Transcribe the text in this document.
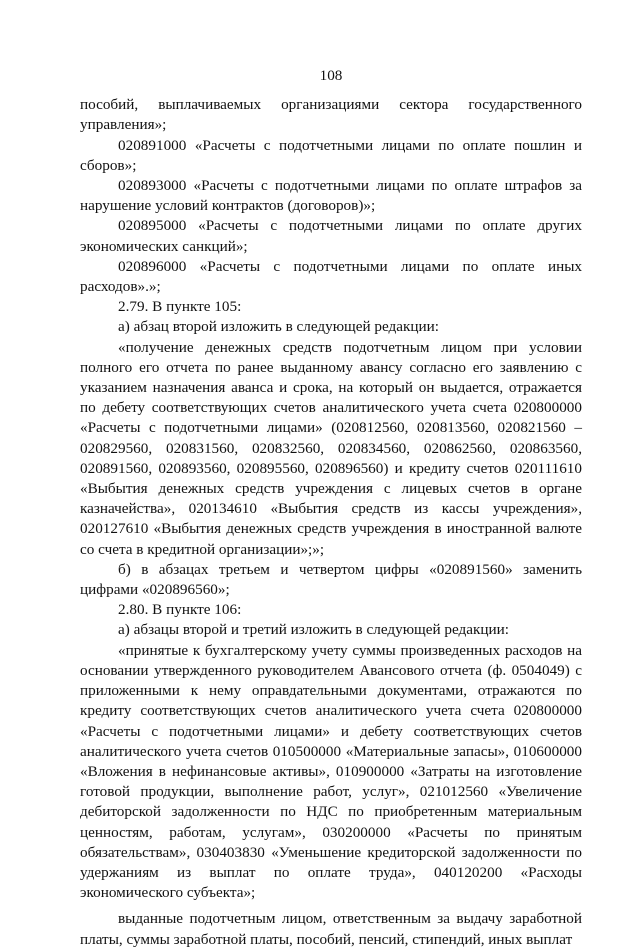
108

пособий, выплачиваемых организациями сектора государственного управления»;

020891000 «Расчеты с подотчетными лицами по оплате пошлин и сборов»;

020893000 «Расчеты с подотчетными лицами по оплате штрафов за нарушение условий контрактов (договоров)»;

020895000 «Расчеты с подотчетными лицами по оплате других экономических санкций»;

020896000 «Расчеты с подотчетными лицами по оплате иных расходов».»;

2.79. В пункте 105:

а) абзац второй изложить в следующей редакции:

«получение денежных средств подотчетным лицом при условии полного его отчета по ранее выданному авансу согласно его заявлению с указанием назначения аванса и срока, на который он выдается, отражается по дебету соответствующих счетов аналитического учета счета 020800000 «Расчеты с подотчетными лицами» (020812560, 020813560, 020821560 – 020829560, 020831560, 020832560, 020834560, 020862560, 020863560, 020891560, 020893560, 020895560, 020896560) и кредиту счетов 020111610 «Выбытия денежных средств учреждения с лицевых счетов в органе казначейства», 020134610 «Выбытия средств из кассы учреждения», 020127610 «Выбытия денежных средств учреждения в иностранной валюте со счета в кредитной организации»;»;

б) в абзацах третьем и четвертом цифры «020891560» заменить цифрами «020896560»;

2.80. В пункте 106:

а) абзацы второй и третий изложить в следующей редакции:

«принятые к бухгалтерскому учету суммы произведенных расходов на основании утвержденного руководителем Авансового отчета (ф. 0504049) с приложенными к нему оправдательными документами, отражаются по кредиту соответствующих счетов аналитического учета счета 020800000 «Расчеты с подотчетными лицами» и дебету соответствующих счетов аналитического учета счетов 010500000 «Материальные запасы», 010600000 «Вложения в нефинансовые активы», 010900000 «Затраты на изготовление готовой продукции, выполнение работ, услуг», 021012560 «Увеличение дебиторской задолженности по НДС по приобретенным материальным ценностям, работам, услугам», 030200000 «Расчеты по принятым обязательствам», 030403830 «Уменьшение кредиторской задолженности по удержаниям из выплат по оплате труда», 040120200 «Расходы экономического субъекта»;

выданные подотчетным лицом, ответственным за выдачу заработной платы, суммы заработной платы, пособий, пенсий, стипендий, иных выплат
